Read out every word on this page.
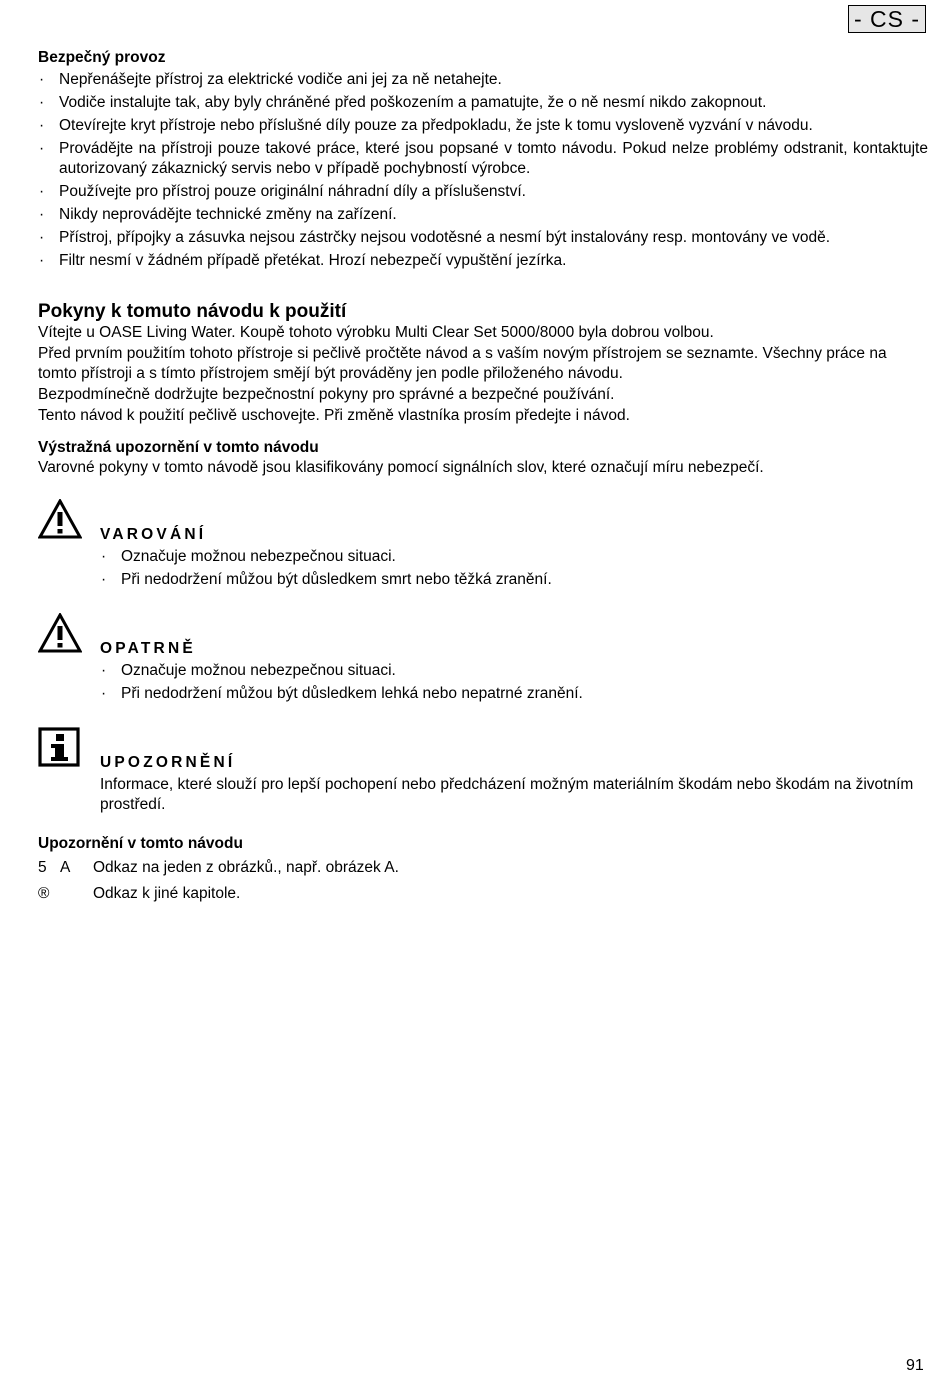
- CS -
Bezpečný provoz
· Nepřenášejte přístroj za elektrické vodiče ani jej za ně netahejte.
· Vodiče instalujte tak, aby byly chráněné před poškozením a pamatujte, že o ně nesmí nikdo zakopnout.
· Otevírejte kryt přístroje nebo příslušné díly pouze za předpokladu, že jste k tomu vysloveně vyzvání v návodu.
· Provádějte na přístroji pouze takové práce, které jsou popsané v tomto návodu. Pokud nelze problémy odstranit, kontaktujte autorizovaný zákaznický servis nebo v případě pochybností výrobce.
· Používejte pro přístroj pouze originální náhradní díly a příslušenství.
· Nikdy neprovádějte technické změny na zařízení.
· Přístroj, přípojky a zásuvka nejsou zástrčky nejsou vodotěsné a nesmí být instalovány resp. montovány ve vodě.
· Filtr nesmí v žádném případě přetékat. Hrozí nebezpečí vypuštění jezírka.
Pokyny k tomuto návodu k použití

Vítejte u OASE Living Water. Koupě tohoto výrobku Multi Clear Set 5000/8000 byla dobrou volbou.

Před prvním použitím tohoto přístroje si pečlivě pročtěte návod a s vaším novým přístrojem se seznamte. Všechny práce na tomto přístroji a s tímto přístrojem smějí být prováděny jen podle přiloženého návodu.

Bezpodmínečně dodržujte bezpečnostní pokyny pro správné a bezpečné používání.

Tento návod k použití pečlivě uschovejte. Při změně vlastníka prosím předejte i návod.

Výstražná upozornění v tomto návodu

Varovné pokyny v tomto návodě jsou klasifikovány pomocí signálních slov, které označují míru nebezpečí.

VAROVÁNÍ

· Označuje možnou nebezpečnou situaci.
· Při nedodržení můžou být důsledkem smrt nebo těžká zranění.

OPATRNĚ

· Označuje možnou nebezpečnou situaci.
· Při nedodržení můžou být důsledkem lehká nebo nepatrné zranění.

UPOZORNĚNÍ

Informace, které slouží pro lepší pochopení nebo předcházení možným materiálním škodám nebo škodám na životním prostředí.

Upozornění v tomto návodu
5 A	Odkaz na jeden z obrázků., např. obrázek A.
®	Odkaz k jiné kapitole.
91
